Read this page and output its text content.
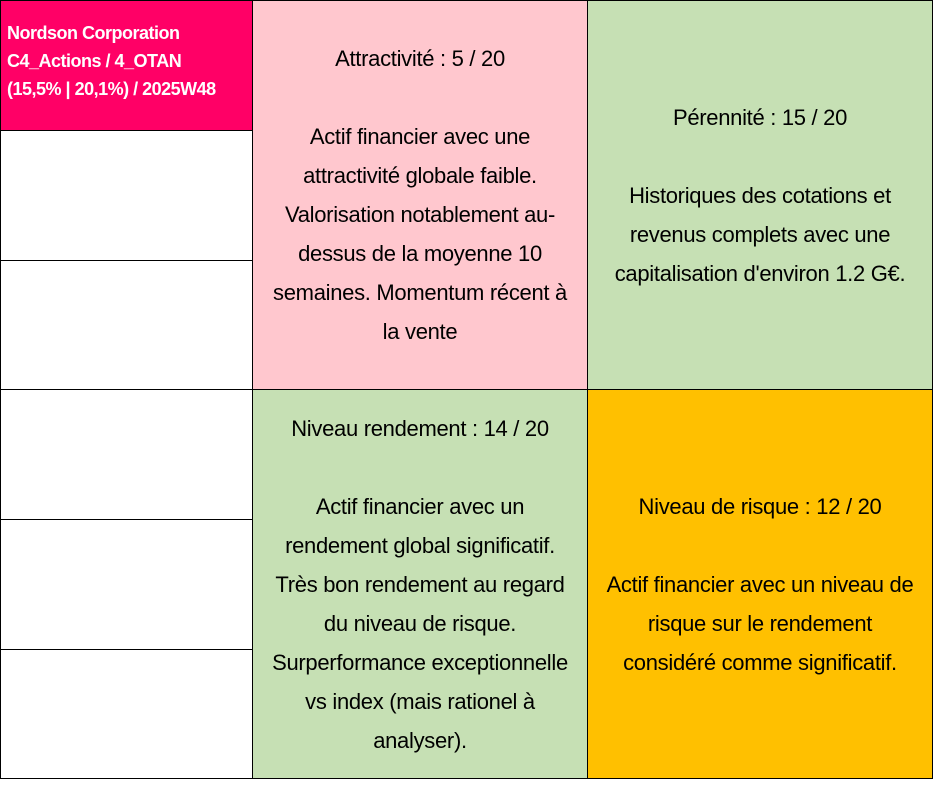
Nordson Corporation
C4_Actions / 4_OTAN
(15,5% | 20,1%) / 2025W48
Attractivité : 5 / 20
Actif financier avec une
attractivité globale faible.
Valorisation notablement au-
dessus de la moyenne 10
semaines. Momentum récent à
la vente
Pérennité : 15 / 20
Historiques des cotations et
revenus complets avec une
capitalisation d'environ 1.2 G€.
Niveau rendement : 14 / 20
Actif financier avec un
rendement global significatif.
Très bon rendement au regard
du niveau de risque.
Surperformance exceptionnelle
vs index (mais rationel à
analyser).
Niveau de risque : 12 / 20
Actif financier avec un niveau de
risque sur le rendement
considéré comme significatif.
